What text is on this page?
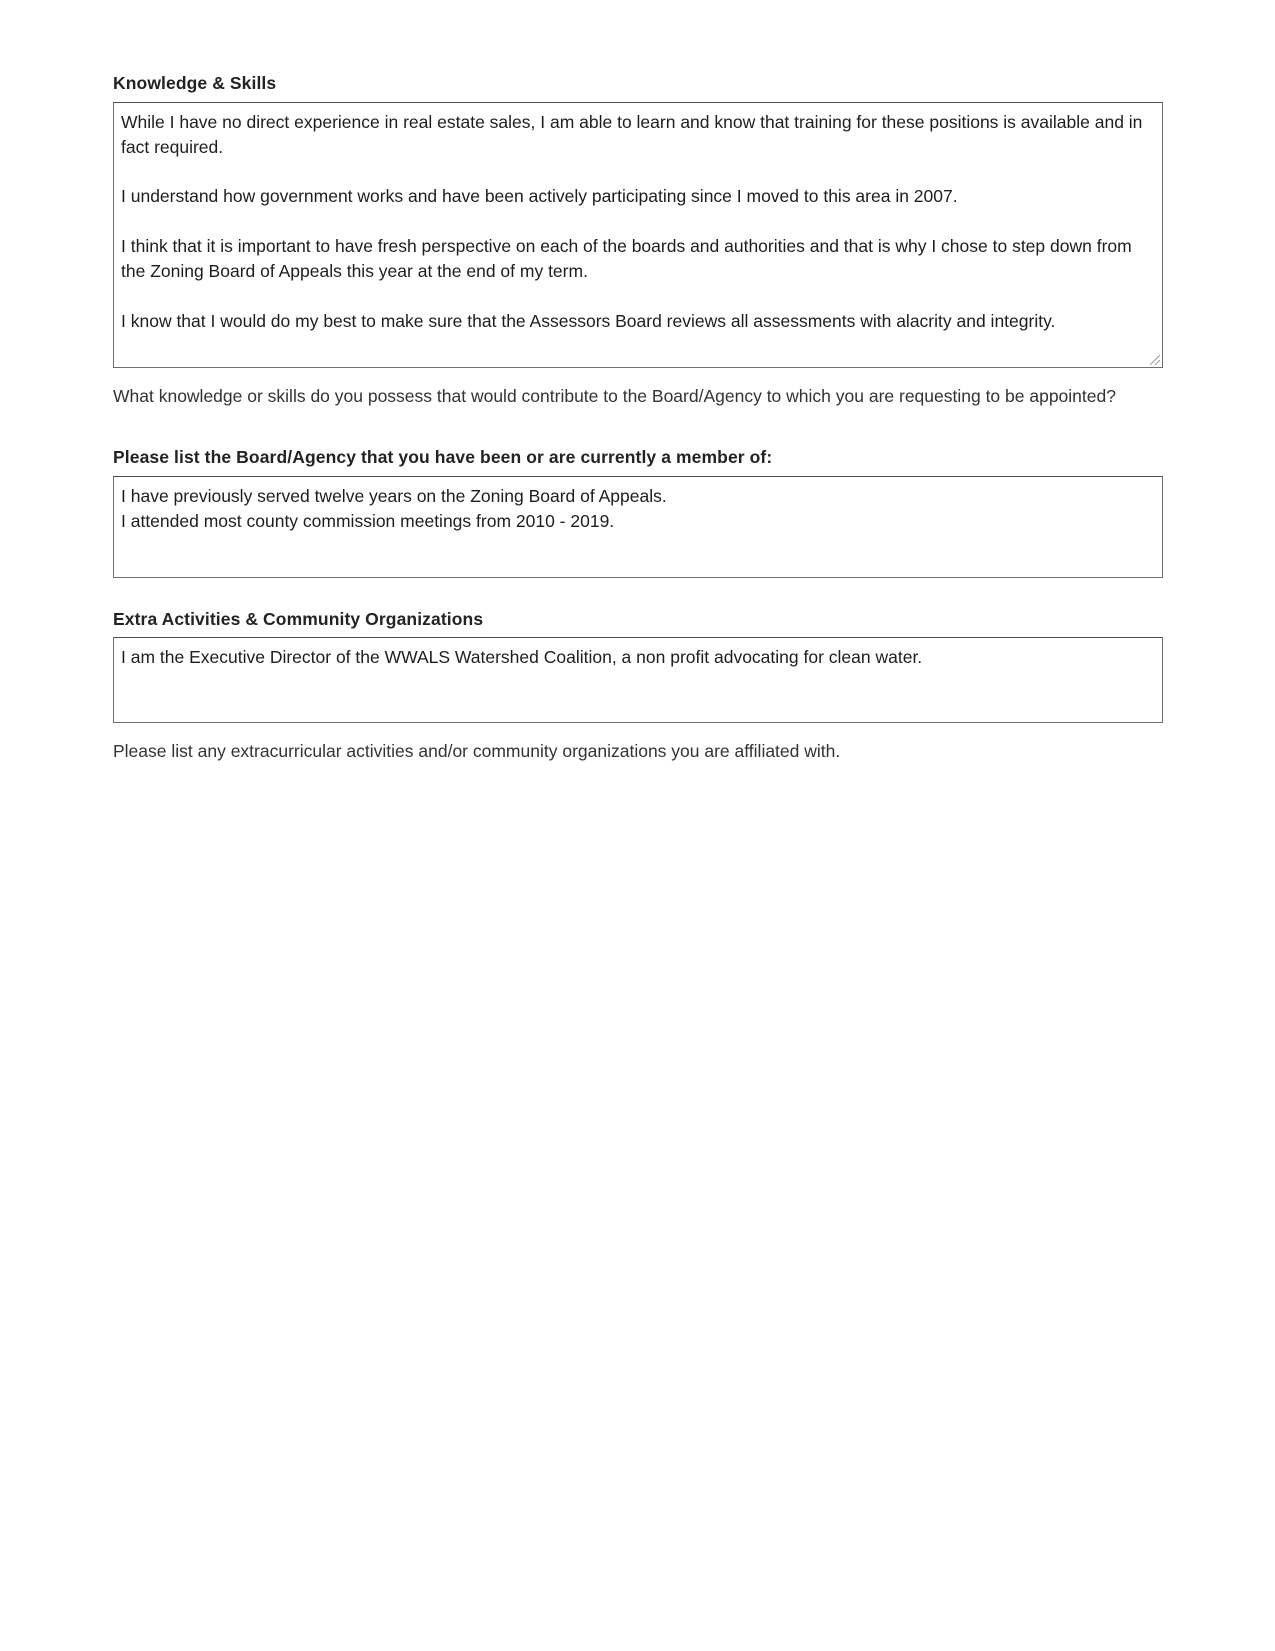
Knowledge & Skills

While I have no direct experience in real estate sales, I am able to learn and know that training for these positions is available and in fact required.

I understand how government works and have been actively participating since I moved to this area in 2007.

I think that it is important to have fresh perspective on each of the boards and authorities and that is why I chose to step down from the Zoning Board of Appeals this year at the end of my term.

I know that I would do my best to make sure that the Assessors Board reviews all assessments with alacrity and integrity.

What knowledge or skills do you possess that would contribute to the Board/Agency to which you are requesting to be appointed?
Please list the Board/Agency that you have been or are currently a member of:

I have previously served twelve years on the Zoning Board of Appeals.

I attended most county commission meetings from 2010 - 2019.

Extra Activities & Community Organizations

I am the Executive Director of the WWALS Watershed Coalition, a non profit advocating for clean water.

Please list any extracurricular activities and/or community organizations you are affiliated with.
